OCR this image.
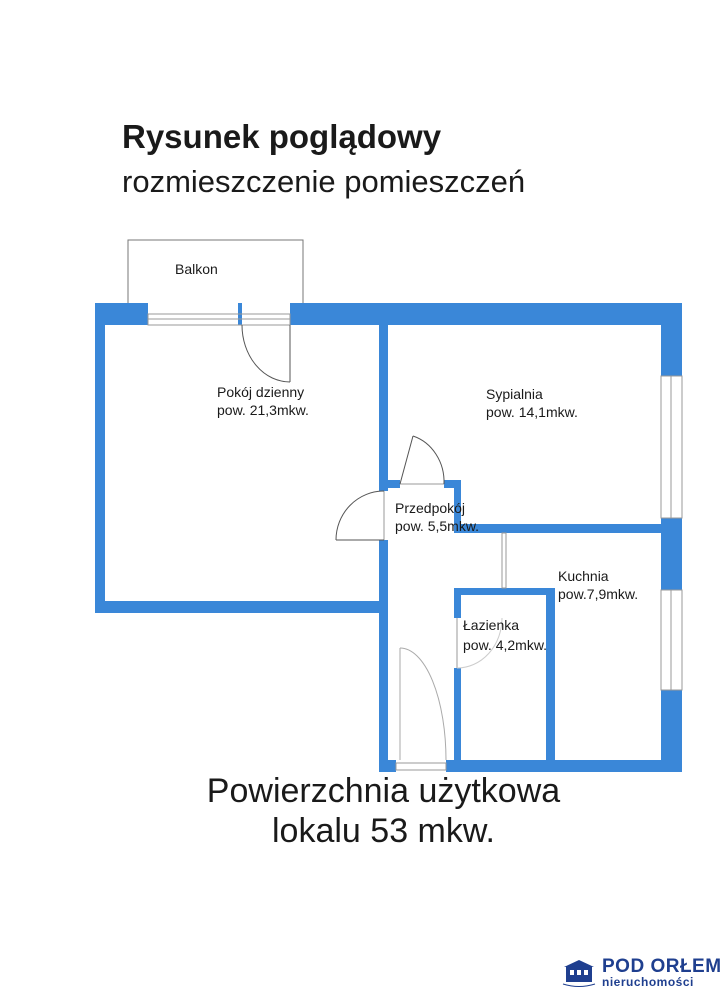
Rysunek poglądowy
rozmieszczenie pomieszczeń
Balkon
Pokój dzienny
pow. 21,3mkw.
Sypialnia
pow. 14,1mkw.
Przedpokój
pow. 5,5mkw.
Kuchnia
pow.7,9mkw.
Łazienka
pow. 4,2mkw.
Powierzchnia użytkowa
lokalu 53 mkw.
POD ORŁEM
nieruchomości
